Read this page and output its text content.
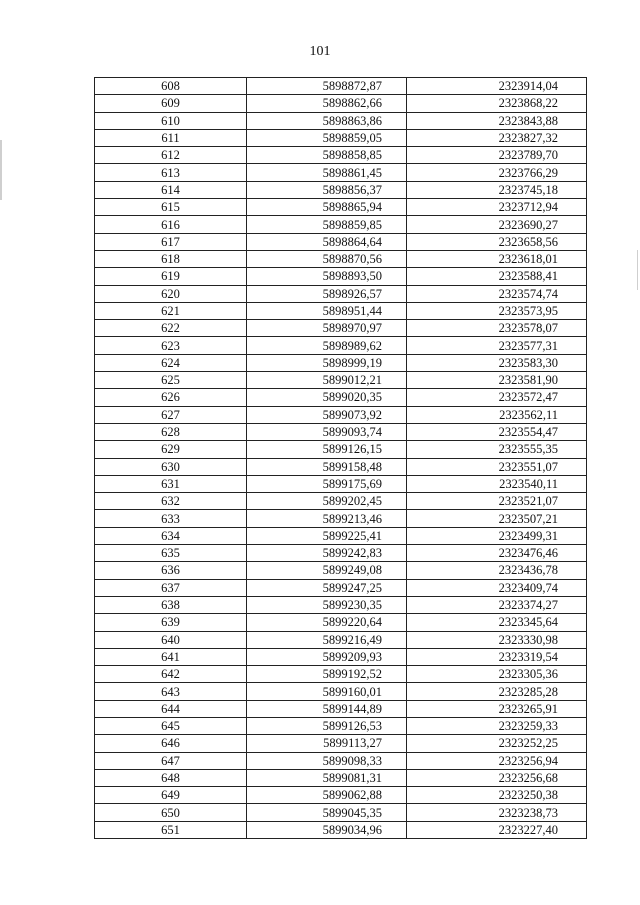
101
608	5898872,87	2323914,04
609	5898862,66	2323868,22
610	5898863,86	2323843,88
611	5898859,05	2323827,32
612	5898858,85	2323789,70
613	5898861,45	2323766,29
614	5898856,37	2323745,18
615	5898865,94	2323712,94
616	5898859,85	2323690,27
617	5898864,64	2323658,56
618	5898870,56	2323618,01
619	5898893,50	2323588,41
620	5898926,57	2323574,74
621	5898951,44	2323573,95
622	5898970,97	2323578,07
623	5898989,62	2323577,31
624	5898999,19	2323583,30
625	5899012,21	2323581,90
626	5899020,35	2323572,47
627	5899073,92	2323562,11
628	5899093,74	2323554,47
629	5899126,15	2323555,35
630	5899158,48	2323551,07
631	5899175,69	2323540,11
632	5899202,45	2323521,07
633	5899213,46	2323507,21
634	5899225,41	2323499,31
635	5899242,83	2323476,46
636	5899249,08	2323436,78
637	5899247,25	2323409,74
638	5899230,35	2323374,27
639	5899220,64	2323345,64
640	5899216,49	2323330,98
641	5899209,93	2323319,54
642	5899192,52	2323305,36
643	5899160,01	2323285,28
644	5899144,89	2323265,91
645	5899126,53	2323259,33
646	5899113,27	2323252,25
647	5899098,33	2323256,94
648	5899081,31	2323256,68
649	5899062,88	2323250,38
650	5899045,35	2323238,73
651	5899034,96	2323227,40
